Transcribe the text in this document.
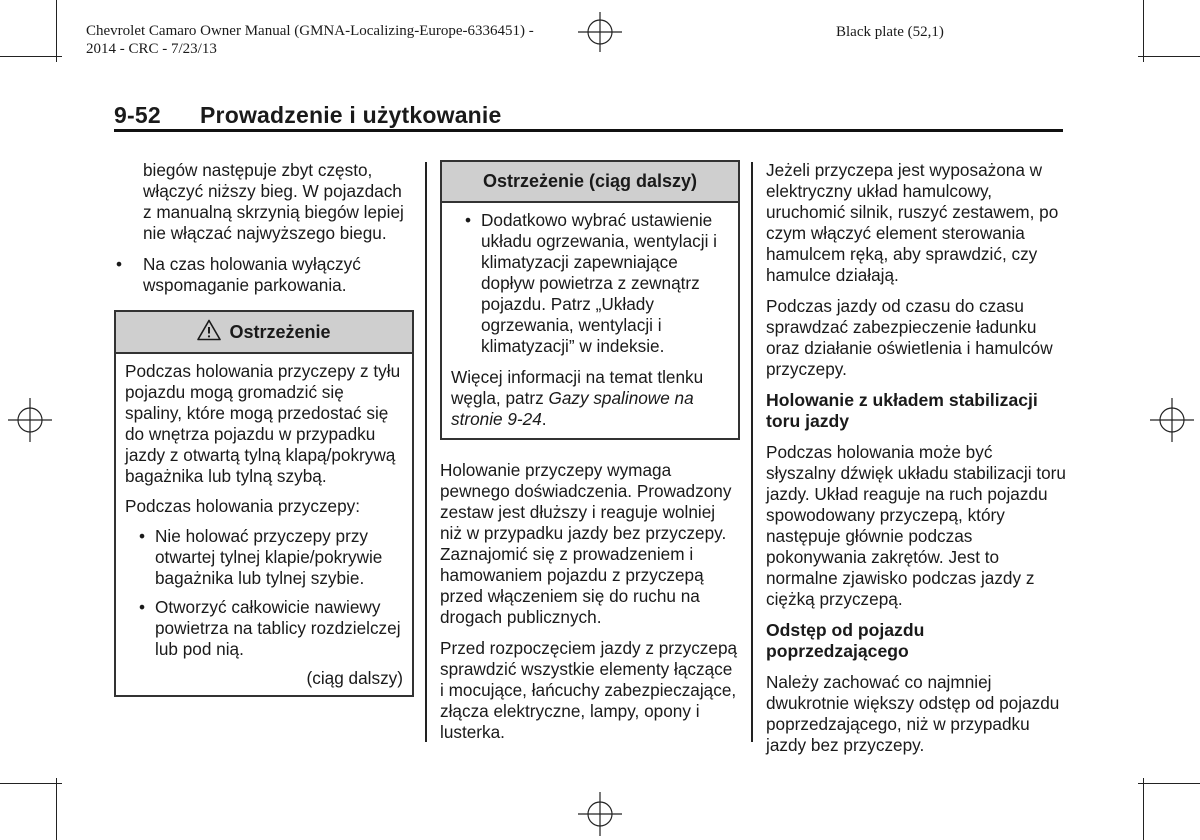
Chevrolet Camaro Owner Manual (GMNA-Localizing-Europe-6336451) -
2014 - CRC - 7/23/13
Black plate (52,1)
9-52 Prowadzenie i użytkowanie

biegów następuje zbyt często, włączyć niższy bieg. W pojazdach z manualną skrzynią biegów lepiej nie włączać najwyższego biegu.

• Na czas holowania wyłączyć wspomaganie parkowania.

Ostrzeżenie

Podczas holowania przyczepy z tyłu pojazdu mogą gromadzić się spaliny, które mogą przedostać się do wnętrza pojazdu w przypadku jazdy z otwartą tylną klapą/pokrywą bagażnika lub tylną szybą.

Podczas holowania przyczepy:

• Nie holować przyczepy przy otwartej tylnej klapie/pokrywie bagażnika lub tylnej szybie.
• Otworzyć całkowicie nawiewy powietrza na tablicy rozdzielczej lub pod nią.
(ciąg dalszy)
Ostrzeżenie (ciąg dalszy)
• Dodatkowo wybrać ustawienie układu ogrzewania, wentylacji i klimatyzacji zapewniające dopływ powietrza z zewnątrz pojazdu. Patrz „Układy ogrzewania, wentylacji i klimatyzacji” w indeksie.

Więcej informacji na temat tlenku węgla, patrz Gazy spalinowe na stronie 9-24.

Holowanie przyczepy wymaga pewnego doświadczenia. Prowadzony zestaw jest dłuższy i reaguje wolniej niż w przypadku jazdy bez przyczepy. Zaznajomić się z prowadzeniem i hamowaniem pojazdu z przyczepą przed włączeniem się do ruchu na drogach publicznych.

Przed rozpoczęciem jazdy z przyczepą sprawdzić wszystkie elementy łączące i mocujące, łańcuchy zabezpieczające, złącza elektryczne, lampy, opony i lusterka.

Jeżeli przyczepa jest wyposażona w elektryczny układ hamulcowy, uruchomić silnik, ruszyć zestawem, po czym włączyć element sterowania hamulcem ręką, aby sprawdzić, czy hamulce działają.

Podczas jazdy od czasu do czasu sprawdzać zabezpieczenie ładunku oraz działanie oświetlenia i hamulców przyczepy.

Holowanie z układem stabilizacji toru jazdy

Podczas holowania może być słyszalny dźwięk układu stabilizacji toru jazdy. Układ reaguje na ruch pojazdu spowodowany przyczepą, który następuje głównie podczas pokonywania zakrętów. Jest to normalne zjawisko podczas jazdy z ciężką przyczepą.

Odstęp od pojazdu poprzedzającego

Należy zachować co najmniej dwukrotnie większy odstęp od pojazdu poprzedzającego, niż w przypadku jazdy bez przyczepy.
